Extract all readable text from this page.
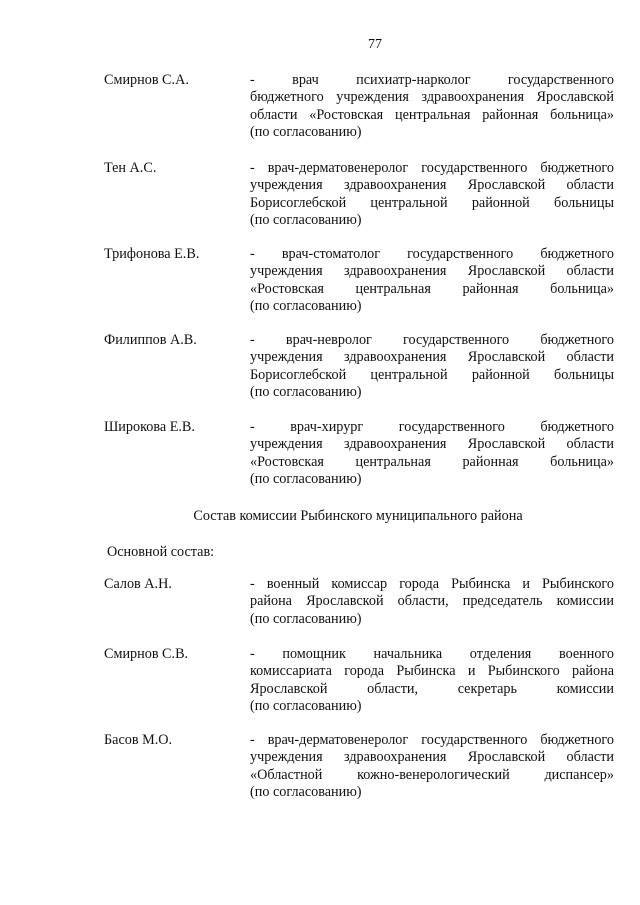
77
Смирнов С.А.	- врач психиатр-нарколог государственного
бюджетного учреждения здравоохранения Ярославской
области «Ростовская центральная районная больница»
(по согласованию)
Тен А.С.	- врач-дерматовенеролог государственного бюджетного
учреждения здравоохранения Ярославской области
Борисоглебской центральной районной больницы
(по согласованию)
Трифонова Е.В.	- врач-стоматолог государственного бюджетного
учреждения здравоохранения Ярославской области
«Ростовская центральная районная больница»
(по согласованию)
Филиппов А.В.	- врач-невролог государственного бюджетного
учреждения здравоохранения Ярославской области
Борисоглебской центральной районной больницы
(по согласованию)
Широкова Е.В.	- врач-хирург государственного бюджетного
учреждения здравоохранения Ярославской области
«Ростовская центральная районная больница»
(по согласованию)
Состав комиссии Рыбинского муниципального района
Основной состав:
Салов А.Н.	- военный комиссар города Рыбинска и Рыбинского
района Ярославской области, председатель комиссии
(по согласованию)
Смирнов С.В.	- помощник начальника отделения военного
комиссариата города Рыбинска и Рыбинского района
Ярославской области, секретарь комиссии
(по согласованию)
Басов М.О.	- врач-дерматовенеролог государственного бюджетного
учреждения здравоохранения Ярославской области
«Областной кожно-венерологический диспансер»
(по согласованию)
